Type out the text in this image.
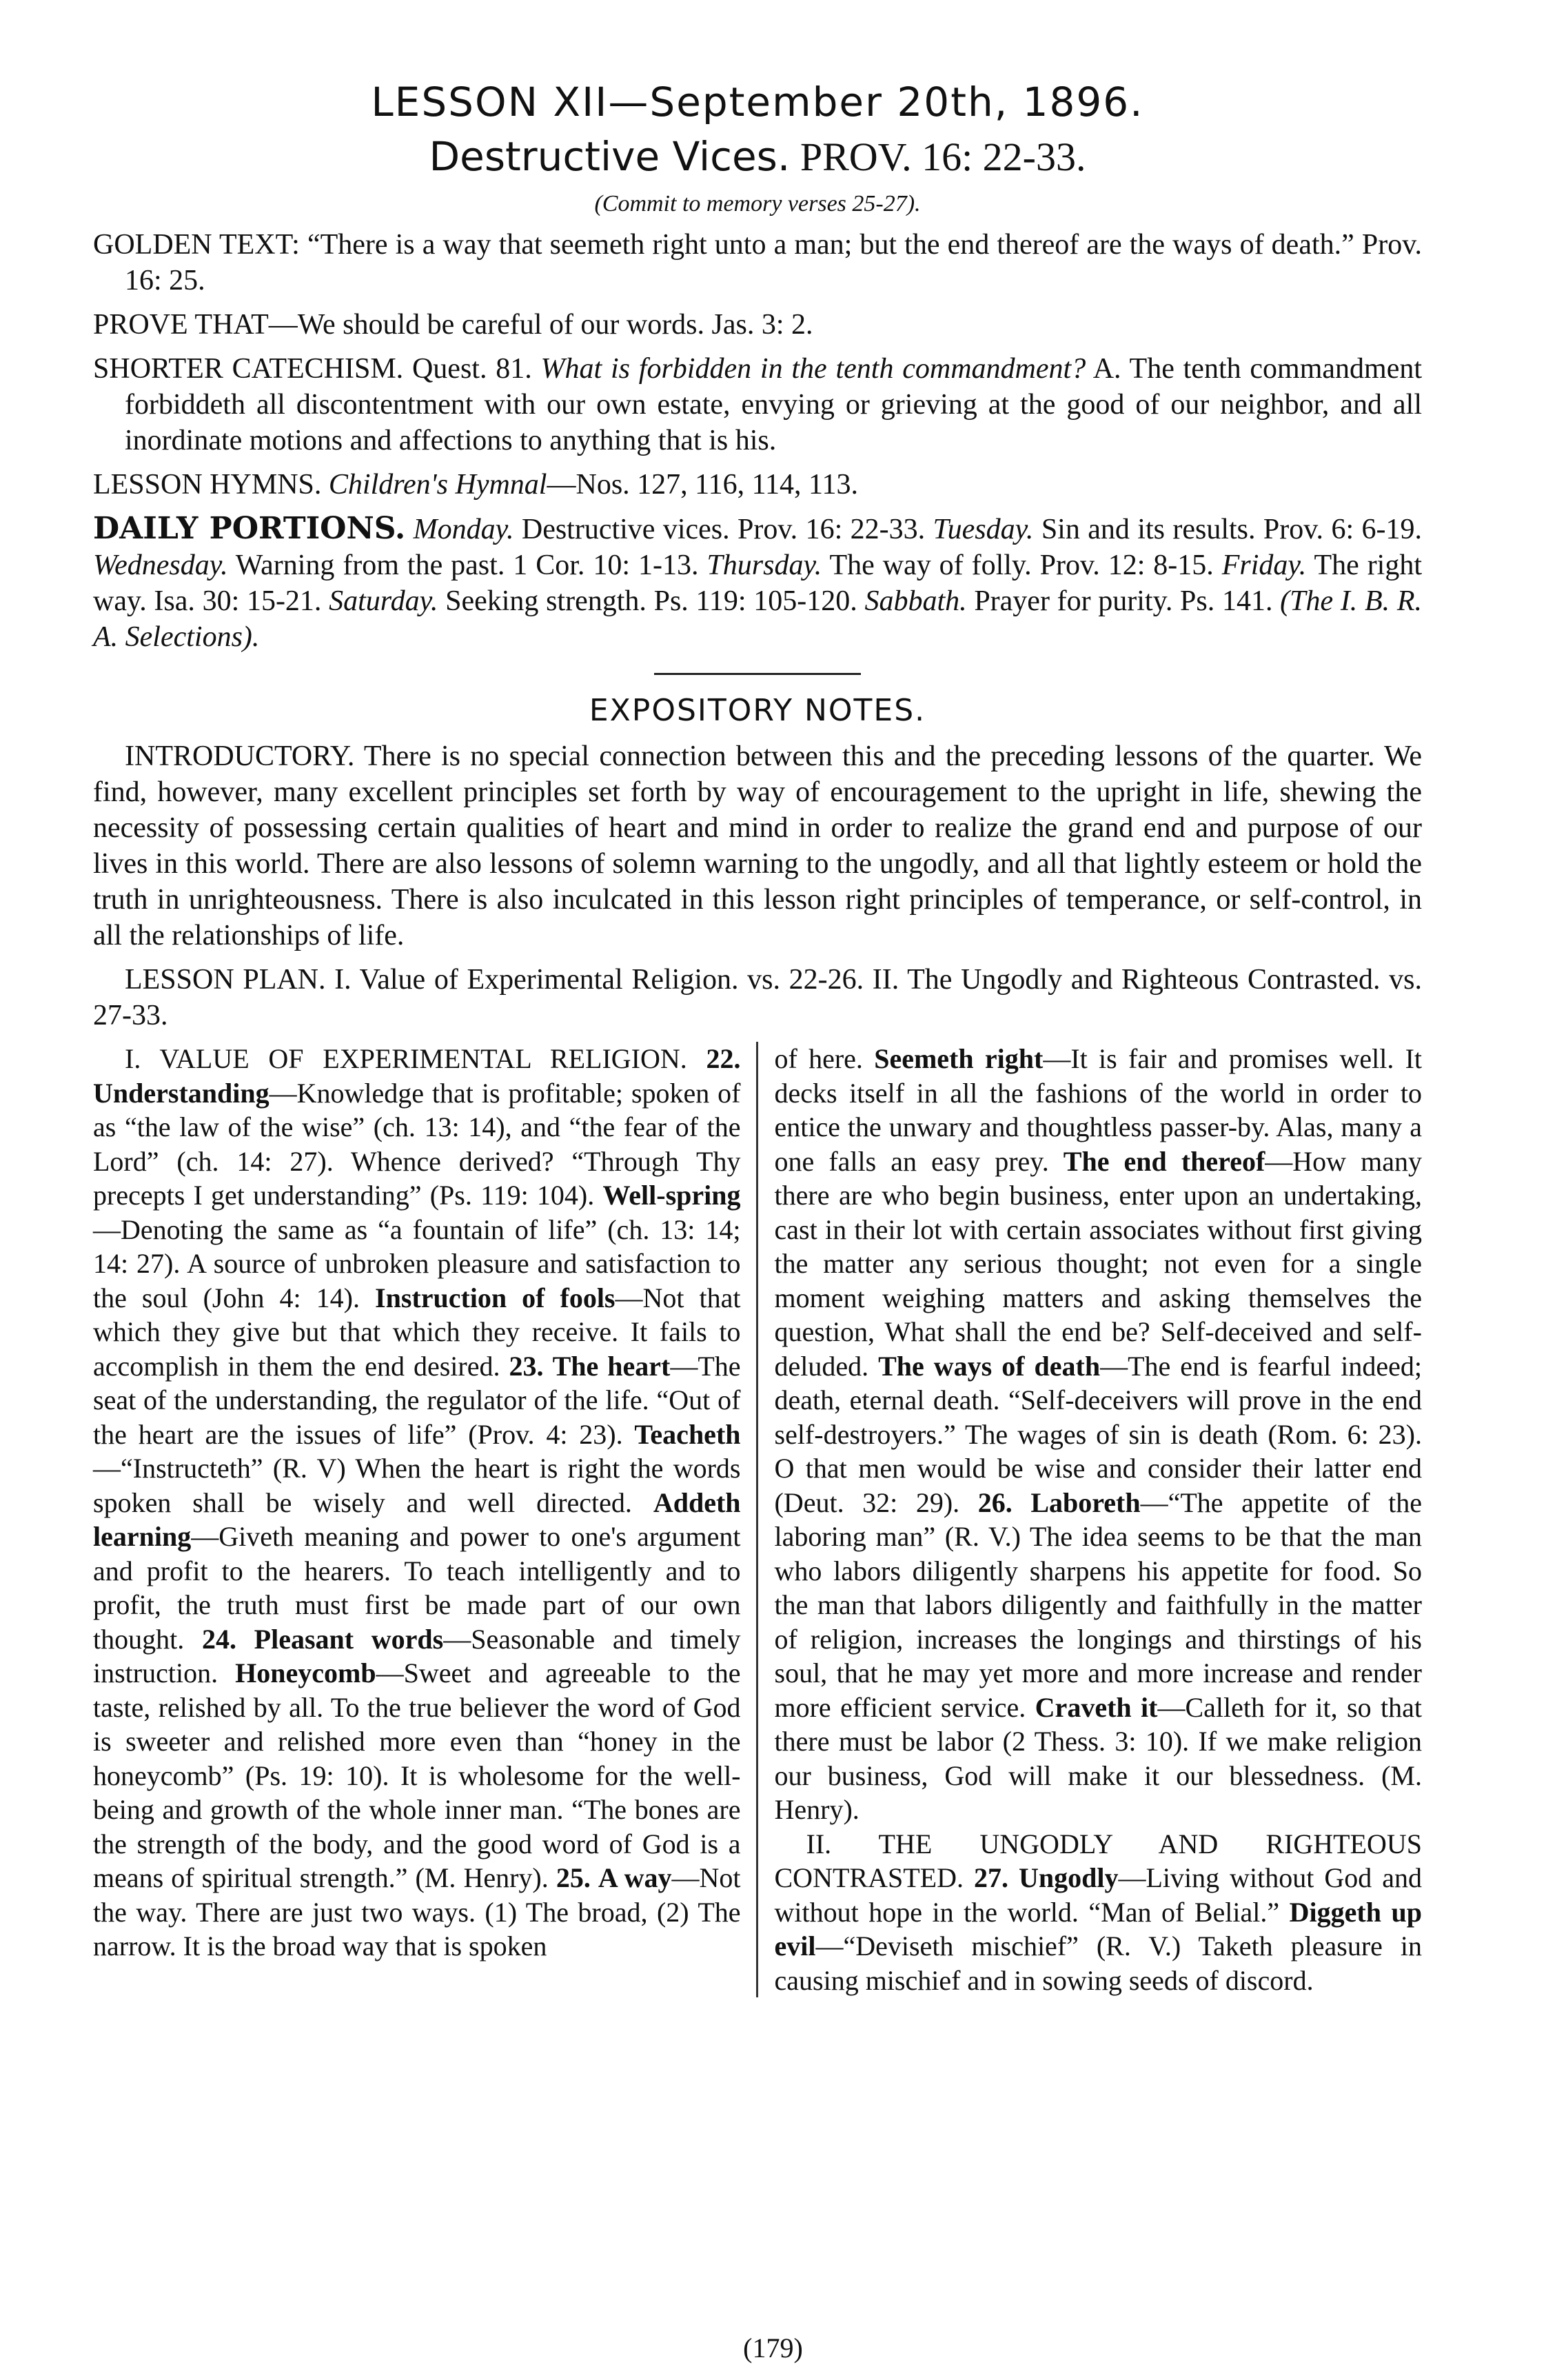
LESSON XII—September 20th, 1896.

Destructive Vices. PROV. 16: 22-33.

(Commit to memory verses 25-27).

GOLDEN TEXT: “There is a way that seemeth right unto a man; but the end thereof are the ways of death.” Prov. 16: 25.

PROVE THAT—We should be careful of our words. Jas. 3: 2.

SHORTER CATECHISM. Quest. 81. What is forbidden in the tenth commandment? A. The tenth commandment forbiddeth all discontentment with our own estate, envying or grieving at the good of our neighbor, and all inordinate motions and affections to anything that is his.

LESSON HYMNS. Children's Hymnal—Nos. 127, 116, 114, 113.

DAILY PORTIONS. Monday. Destructive vices. Prov. 16: 22-33. Tuesday. Sin and its results. Prov. 6: 6-19. Wednesday. Warning from the past. 1 Cor. 10: 1-13. Thursday. The way of folly. Prov. 12: 8-15. Friday. The right way. Isa. 30: 15-21. Saturday. Seeking strength. Ps. 119: 105-120. Sabbath. Prayer for purity. Ps. 141. (The I. B. R. A. Selections).

EXPOSITORY NOTES.

INTRODUCTORY. There is no special connection between this and the preceding lessons of the quarter. We find, however, many excellent principles set forth by way of encouragement to the upright in life, shewing the necessity of possessing certain qualities of heart and mind in order to realize the grand end and purpose of our lives in this world. There are also lessons of solemn warning to the ungodly, and all that lightly esteem or hold the truth in unrighteousness. There is also inculcated in this lesson right principles of temperance, or self-control, in all the relationships of life.

LESSON PLAN. I. Value of Experimental Religion. vs. 22-26. II. The Ungodly and Righteous Contrasted. vs. 27-33.

I. VALUE OF EXPERIMENTAL RELIGION. 22. Understanding—Knowledge that is profitable; spoken of as “the law of the wise” (ch. 13: 14), and “the fear of the Lord” (ch. 14: 27). Whence derived? “Through Thy precepts I get understanding” (Ps. 119: 104). Well-spring—Denoting the same as “a fountain of life” (ch. 13: 14; 14: 27). A source of unbroken pleasure and satisfaction to the soul (John 4: 14). Instruction of fools—Not that which they give but that which they receive. It fails to accomplish in them the end desired. 23. The heart—The seat of the understanding, the regulator of the life. “Out of the heart are the issues of life” (Prov. 4: 23). Teacheth—“Instructeth” (R. V) When the heart is right the words spoken shall be wisely and well directed. Addeth learning—Giveth meaning and power to one's argument and profit to the hearers. To teach intelligently and to profit, the truth must first be made part of our own thought. 24. Pleasant words—Seasonable and timely instruction. Honeycomb—Sweet and agreeable to the taste, relished by all. To the true believer the word of God is sweeter and relished more even than “honey in the honeycomb” (Ps. 19: 10). It is wholesome for the well-being and growth of the whole inner man. “The bones are the strength of the body, and the good word of God is a means of spiritual strength.” (M. Henry). 25. A way—Not the way. There are just two ways. (1) The broad, (2) The narrow. It is the broad way that is spoken

of here. Seemeth right—It is fair and promises well. It decks itself in all the fashions of the world in order to entice the unwary and thoughtless passer-by. Alas, many a one falls an easy prey. The end thereof—How many there are who begin business, enter upon an undertaking, cast in their lot with certain associates without first giving the matter any serious thought; not even for a single moment weighing matters and asking themselves the question, What shall the end be? Self-deceived and self-deluded. The ways of death—The end is fearful indeed; death, eternal death. “Self-deceivers will prove in the end self-destroyers.” The wages of sin is death (Rom. 6: 23). O that men would be wise and consider their latter end (Deut. 32: 29). 26. Laboreth—“The appetite of the laboring man” (R. V.) The idea seems to be that the man who labors diligently sharpens his appetite for food. So the man that labors diligently and faithfully in the matter of religion, increases the longings and thirstings of his soul, that he may yet more and more increase and render more efficient service. Craveth it—Calleth for it, so that there must be labor (2 Thess. 3: 10). If we make religion our business, God will make it our blessedness. (M. Henry).

II. THE UNGODLY AND RIGHTEOUS CONTRASTED. 27. Ungodly—Living without God and without hope in the world. “Man of Belial.” Diggeth up evil—“Deviseth mischief” (R. V.) Taketh pleasure in causing mischief and in sowing seeds of discord.

(179)
